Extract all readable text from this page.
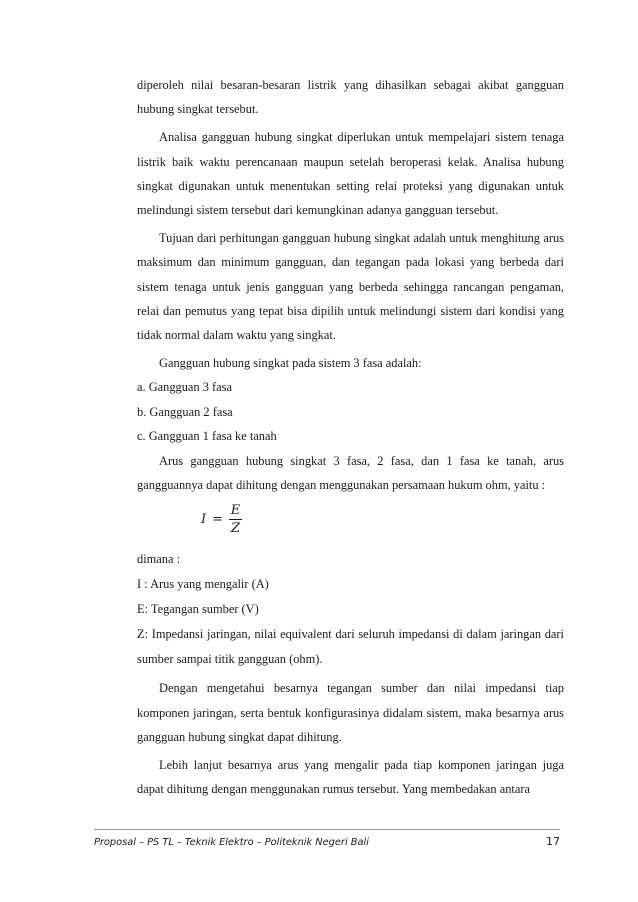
diperoleh nilai besaran-besaran listrik yang dihasilkan sebagai akibat gangguan hubung singkat tersebut.

Analisa gangguan hubung singkat diperlukan untuk mempelajari sistem tenaga listrik baik waktu perencanaan maupun setelah beroperasi kelak. Analisa hubung singkat digunakan untuk menentukan setting relai proteksi yang digunakan untuk melindungi sistem tersebut dari kemungkinan adanya gangguan tersebut.

Tujuan dari perhitungan gangguan hubung singkat adalah untuk menghitung arus maksimum dan minimum gangguan, dan tegangan pada lokasi yang berbeda dari sistem tenaga untuk jenis gangguan yang berbeda sehingga rancangan pengaman, relai dan pemutus yang tepat bisa dipilih untuk melindungi sistem dari kondisi yang tidak normal dalam waktu yang singkat.

Gangguan hubung singkat pada sistem 3 fasa adalah:

a. Gangguan 3 fasa
b. Gangguan 2 fasa
c. Gangguan 1 fasa ke tanah

Arus gangguan hubung singkat 3 fasa, 2 fasa, dan 1 fasa ke tanah, arus gangguannya dapat dihitung dengan menggunakan persamaan hukum ohm, yaitu :

$I = \frac{E}{Z}$

dimana :

I : Arus yang mengalir (A)

E: Tegangan sumber (V)

Z: Impedansi jaringan, nilai equivalent dari seluruh impedansi di dalam jaringan dari sumber sampai titik gangguan (ohm).

Dengan mengetahui besarnya tegangan sumber dan nilai impedansi tiap komponen jaringan, serta bentuk konfigurasinya didalam sistem, maka besarnya arus gangguan hubung singkat dapat dihitung.

Lebih lanjut besarnya arus yang mengalir pada tiap komponen jaringan juga dapat dihitung dengan menggunakan rumus tersebut. Yang membedakan antara

Proposal – PS TL – Teknik Elektro – Politeknik Negeri Bali	17
